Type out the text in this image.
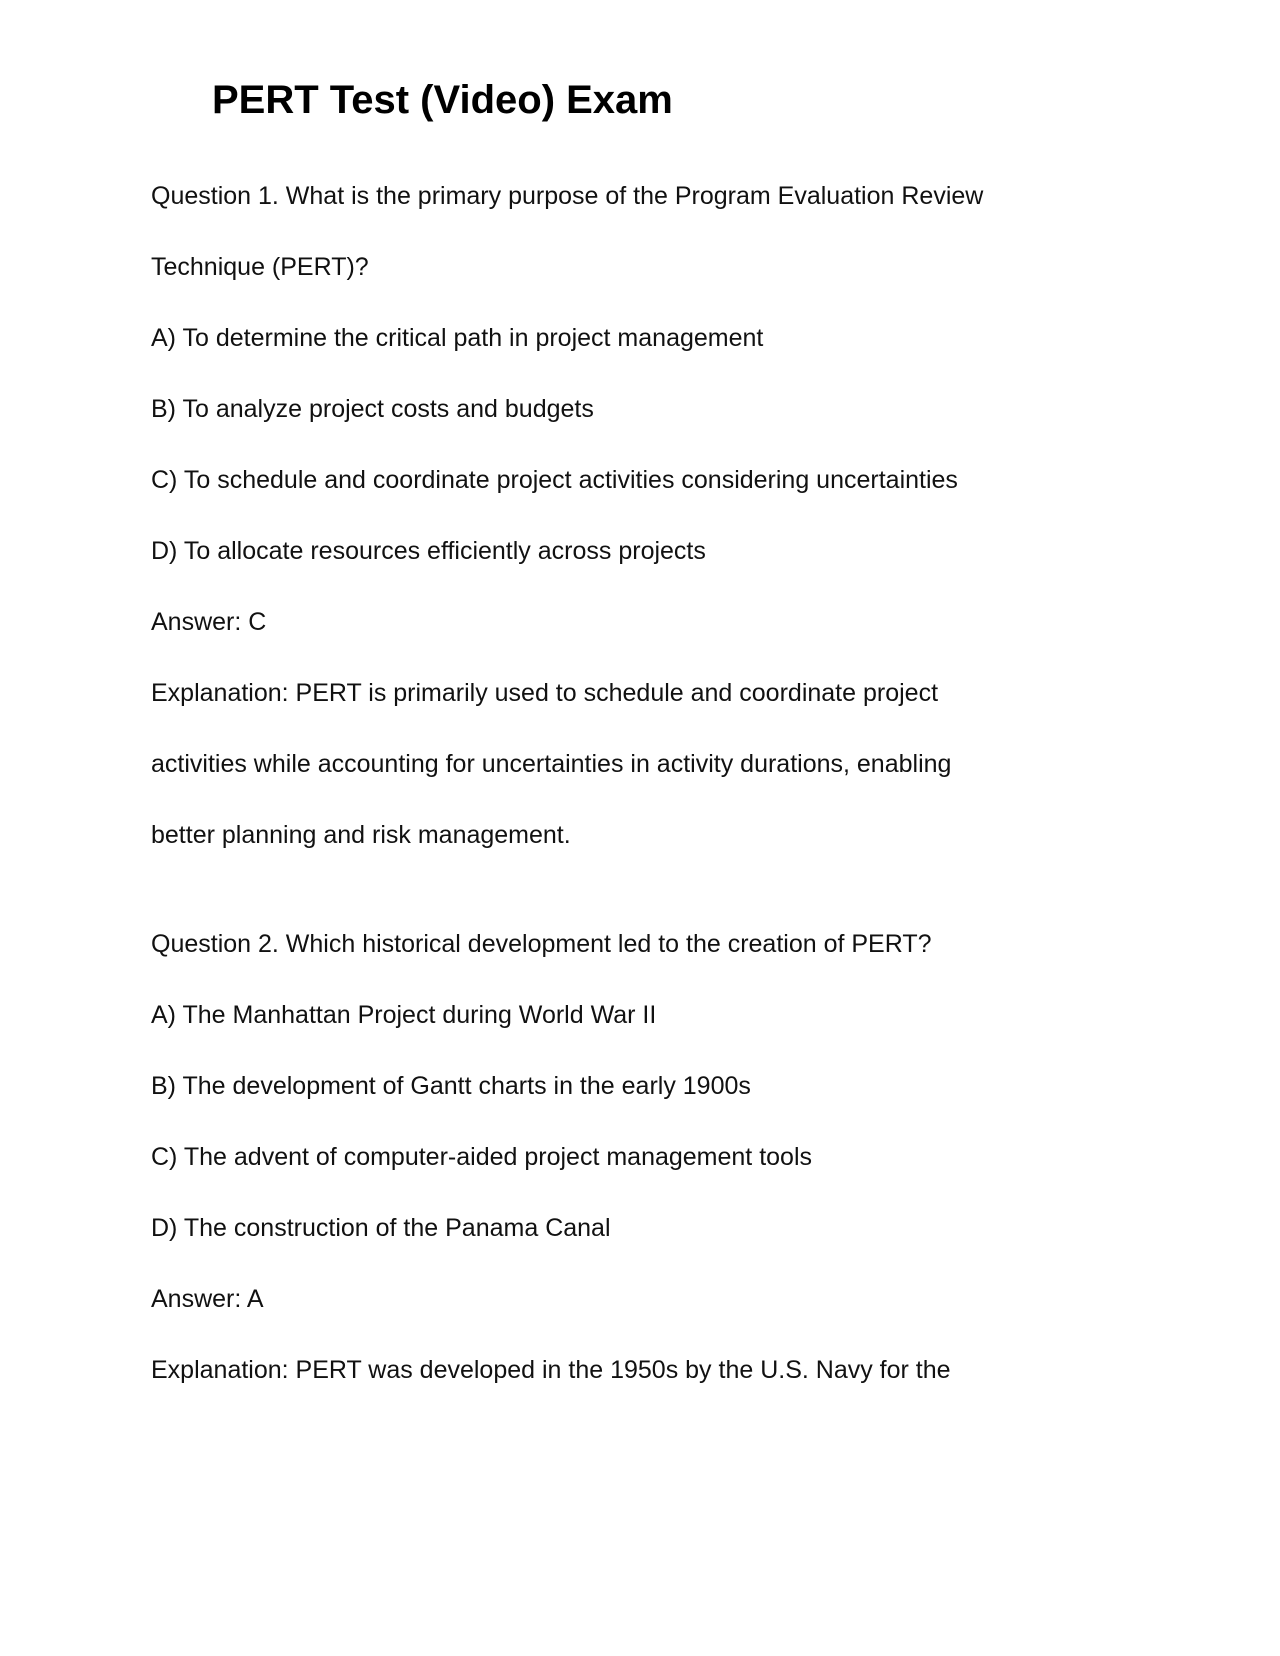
PERT Test (Video) Exam

Question 1. What is the primary purpose of the Program Evaluation Review

Technique (PERT)?

A) To determine the critical path in project management

B) To analyze project costs and budgets

C) To schedule and coordinate project activities considering uncertainties

D) To allocate resources efficiently across projects

Answer: C

Explanation: PERT is primarily used to schedule and coordinate project

activities while accounting for uncertainties in activity durations, enabling

better planning and risk management.

Question 2. Which historical development led to the creation of PERT?

A) The Manhattan Project during World War II

B) The development of Gantt charts in the early 1900s

C) The advent of computer-aided project management tools

D) The construction of the Panama Canal

Answer: A

Explanation: PERT was developed in the 1950s by the U.S. Navy for the
